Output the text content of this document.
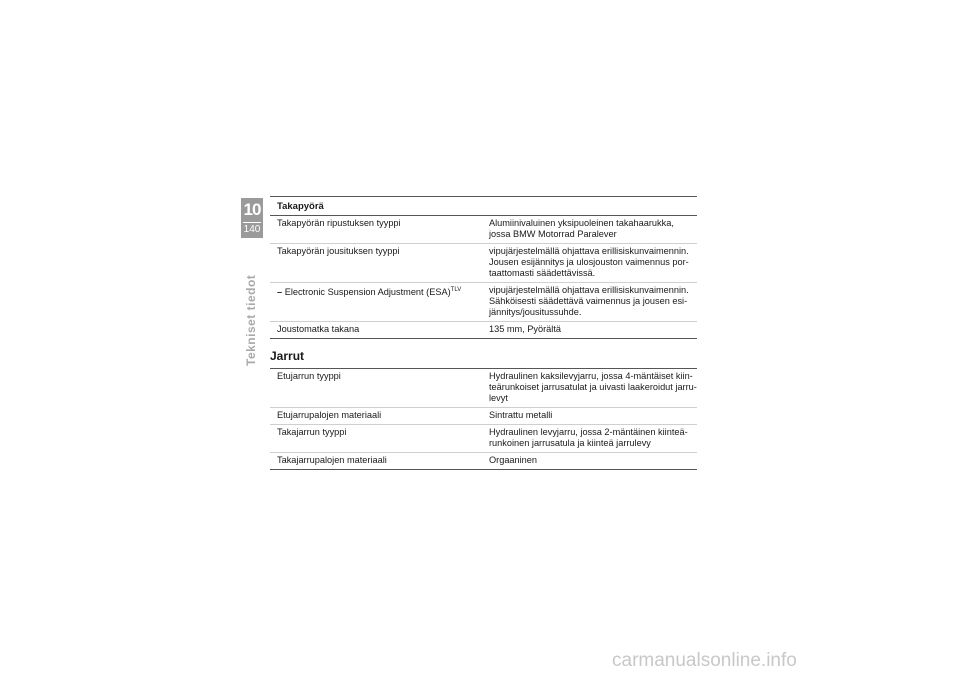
10
140
Tekniset tiedot
Takapyörä
Takapyörän ripustuksen tyyppi	Alumiinivaluinen yksipuoleinen takahaarukka, jossa BMW Motorrad Paralever
Takapyörän jousituksen tyyppi	vipujärjestelmällä ohjattava erillisiskunvaimennin. Jousen esijännitys ja ulosjouston vaimennus por-taattomasti säädettävissä.
– Electronic Suspension Adjustment (ESA)$^{TLV}$	vipujärjestelmällä ohjattava erillisiskunvaimennin. Sähköisesti säädettävä vaimennus ja jousen esi-jännitys/jousitussuhde.
Joustomatka takana	135 mm, Pyörältä
Jarrut
Etujarrun tyyppi	Hydraulinen kaksilevyjarru, jossa 4-mäntäiset kiin-teärunkoiset jarrusatulat ja uivasti laakeroidut jarru-levyt
Etujarrupalojen materiaali	Sintrattu metalli
Takajarrun tyyppi	Hydraulinen levyjarru, jossa 2-mäntäinen kiinteä-runkoinen jarrusatula ja kiinteä jarrulevy
Takajarrupalojen materiaali	Orgaaninen
carmanualsonline.info
